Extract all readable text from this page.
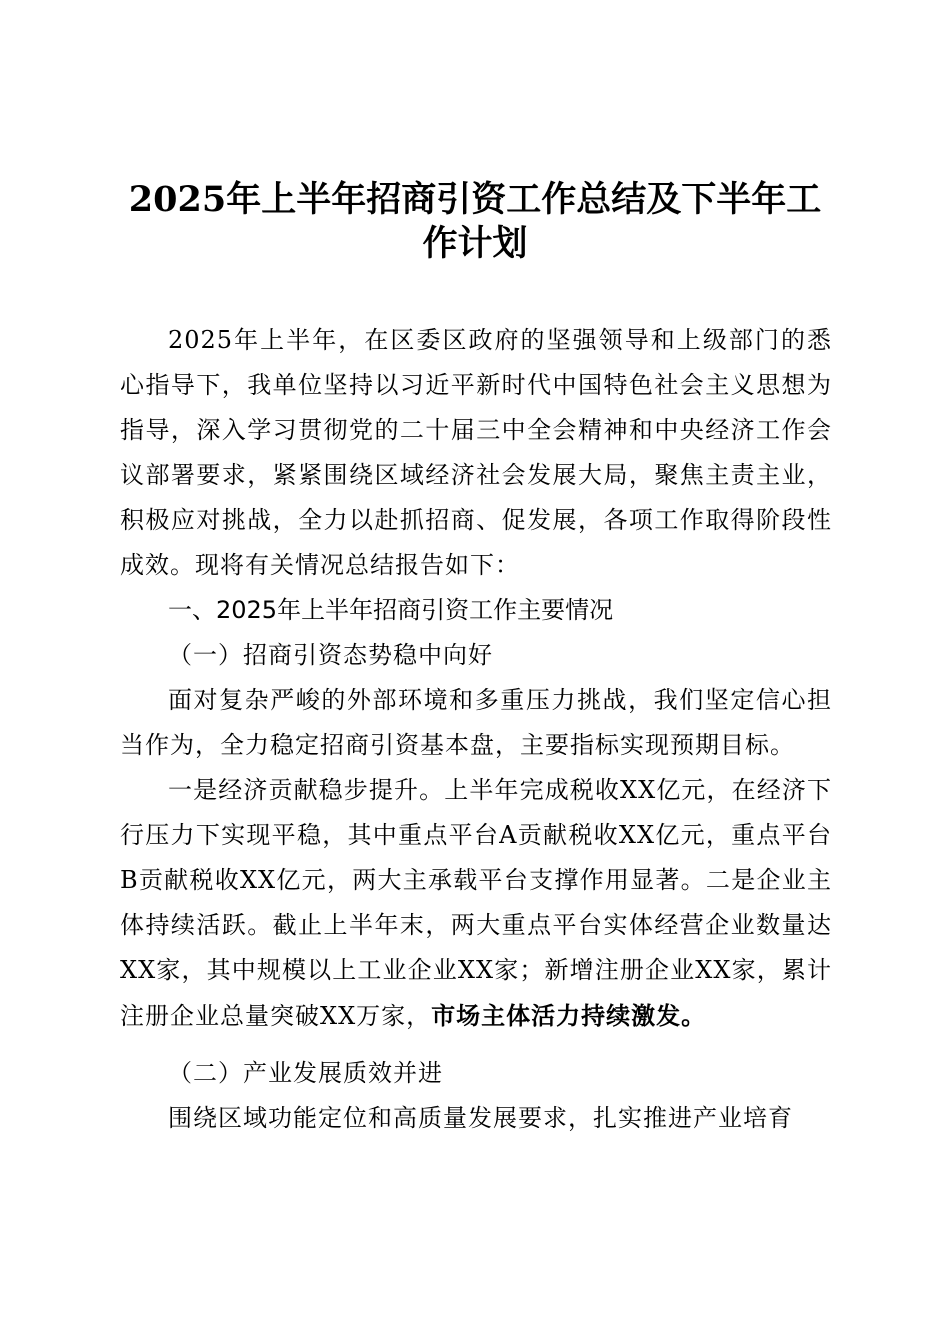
2025年上半年招商引资工作总结及下半年工
作计划

2025年上半年，在区委区政府的坚强领导和上级部门的悉心指导下，我单位坚持以习近平新时代中国特色社会主义思想为指导，深入学习贯彻党的二十届三中全会精神和中央经济工作会议部署要求，紧紧围绕区域经济社会发展大局，聚焦主责主业，积极应对挑战，全力以赴抓招商、促发展，各项工作取得阶段性成效。现将有关情况总结报告如下：

一、2025年上半年招商引资工作主要情况

（一）招商引资态势稳中向好

面对复杂严峻的外部环境和多重压力挑战，我们坚定信心担当作为，全力稳定招商引资基本盘，主要指标实现预期目标。

一是经济贡献稳步提升。上半年完成税收XX亿元，在经济下行压力下实现平稳，其中重点平台A贡献税收XX亿元，重点平台B贡献税收XX亿元，两大主承载平台支撑作用显著。二是企业主体持续活跃。截止上半年末，两大重点平台实体经营企业数量达XX家，其中规模以上工业企业XX家；新增注册企业XX家，累计注册企业总量突破XX万家，市场主体活力持续激发。

（二）产业发展质效并进

围绕区域功能定位和高质量发展要求，扎实推进产业培育
